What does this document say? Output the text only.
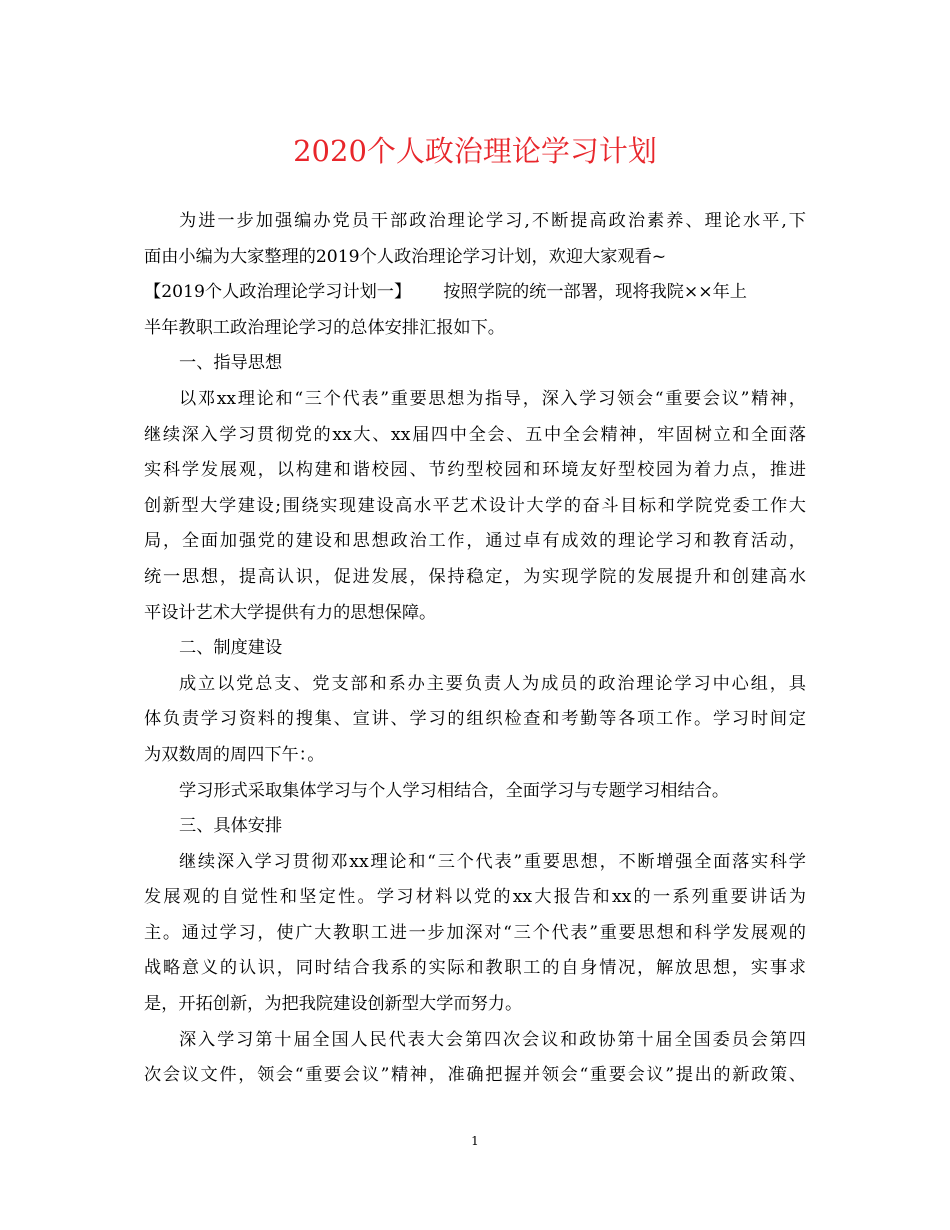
2020个人政治理论学习计划
为进一步加强编办党员干部政治理论学习,不断提高政治素养、理论水平,下
面由小编为大家整理的2019个人政治理论学习计划，欢迎大家观看~
【2019个人政治理论学习计划一】 按照学院的统一部署，现将我院××年上
半年教职工政治理论学习的总体安排汇报如下。
一、指导思想
以邓xx理论和“三个代表”重要思想为指导，深入学习领会“重要会议”精神，
继续深入学习贯彻党的xx大、xx届四中全会、五中全会精神，牢固树立和全面落
实科学发展观，以构建和谐校园、节约型校园和环境友好型校园为着力点，推进
创新型大学建设;围绕实现建设高水平艺术设计大学的奋斗目标和学院党委工作大
局，全面加强党的建设和思想政治工作，通过卓有成效的理论学习和教育活动，
统一思想，提高认识，促进发展，保持稳定，为实现学院的发展提升和创建高水
平设计艺术大学提供有力的思想保障。
二、制度建设
成立以党总支、党支部和系办主要负责人为成员的政治理论学习中心组，具
体负责学习资料的搜集、宣讲、学习的组织检查和考勤等各项工作。学习时间定
为双数周的周四下午：。
学习形式采取集体学习与个人学习相结合，全面学习与专题学习相结合。
三、具体安排
继续深入学习贯彻邓xx理论和“三个代表”重要思想，不断增强全面落实科学
发展观的自觉性和坚定性。学习材料以党的xx大报告和xx的一系列重要讲话为
主。通过学习，使广大教职工进一步加深对“三个代表”重要思想和科学发展观的
战略意义的认识，同时结合我系的实际和教职工的自身情况，解放思想，实事求
是，开拓创新，为把我院建设创新型大学而努力。
深入学习第十届全国人民代表大会第四次会议和政协第十届全国委员会第四
次会议文件，领会“重要会议”精神，准确把握并领会“重要会议”提出的新政策、
1
